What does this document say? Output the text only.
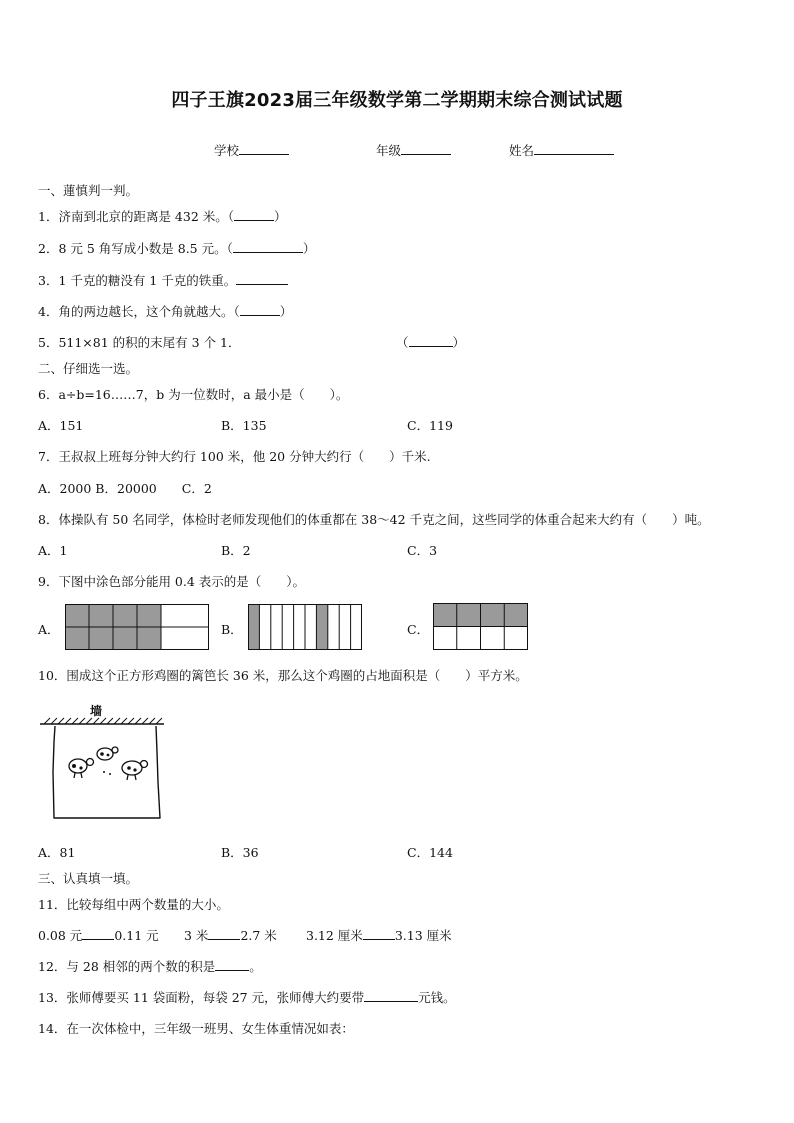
四子王旗2023届三年级数学第二学期期末综合测试试题
学校	年级	姓名
一、蓮慎判一判。
1．济南到北京的距离是 432 米。（	）
2．8 元 5 角写成小数是 8.5 元。（	）
3．1 千克的糖没有 1 千克的铁重。
4．角的两边越长，这个角就越大。（	）
5．511×81 的积的末尾有 3 个 1．	（	）
二、仔细选一选。
6．a÷b=16……7，b 为一位数时，a 最小是（　　）。
A．151	B．135	C．119
7．王叔叔上班每分钟大约行 100 米，他 20 分钟大约行（　　）千米.
A．2000 B．20000　　C．2
8．体操队有 50 名同学，体检时老师发现他们的体重都在 38～42 千克之间，这些同学的体重合起来大约有（　　）吨。
A．1	B．2	C．3
9．下图中涂色部分能用 0.4 表示的是（　　）。
A．	B．	C．
10．围成这个正方形鸡圈的篱笆长 36 米，那么这个鸡圈的占地面积是（　　）平方米。
墙
A．81	B．36	C．144
三、认真填一填。
11．比较每组中两个数量的大小。
0.08 元	0.11 元 3 米	2.7 米 3.12 厘米	3.13 厘米
12．与 28 相邻的两个数的积是	。
13．张师傅要买 11 袋面粉，每袋 27 元，张师傅大约要带	元钱。
14．在一次体检中，三年级一班男、女生体重情况如表：
